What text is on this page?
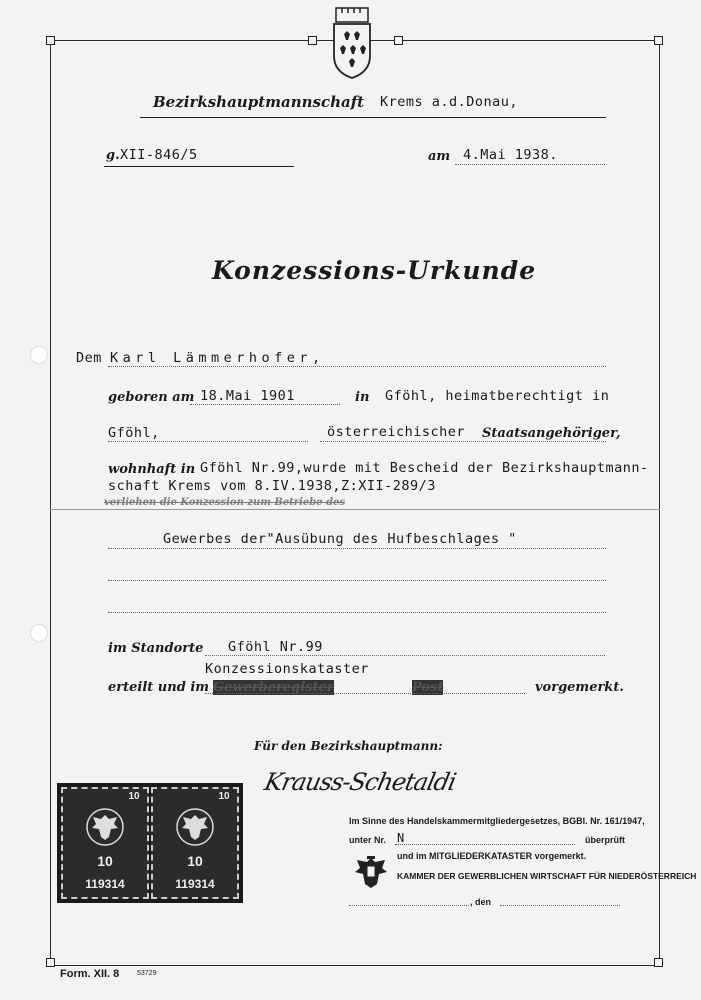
Bezirkshauptmannschaft Krems a.d.Donau,
g. XII-846/5	am 4.Mai 1938.
Konzessions-Urkunde
Dem Karl Lämmerhofer,
geboren am 18.Mai 1901	in Gföhl, heimatberechtigt in
Gföhl,	österreichischer Staatsangehöriger,
wohnhaft in Gföhl Nr.99,wurde mit Bescheid der Bezirkshauptmann-
schaft Krems vom 8.IV.1938,Z:XII-289/3
verliehen die Konzession zum Betriebe des
Gewerbes der"Ausübung des Hufbeschlages "
im Standorte Gföhl Nr.99
Konzessionskataster
erteilt und im Gewerberegister	Post	vorgemerkt.
Für den Bezirkshauptmann:
Krauss-Schetaldi
Im Sinne des Handelskammermitgliedergesetzes, BGBl. Nr. 161/1947,
unter Nr. N	überprüft
und im MITGLIEDERKATASTER vorgemerkt.
KAMMER DER GEWERBLICHEN WIRTSCHAFT FÜR NIEDERÖSTERREICH
, den
10
10
119314
10
10
119314
Form. XII. 8	53729
